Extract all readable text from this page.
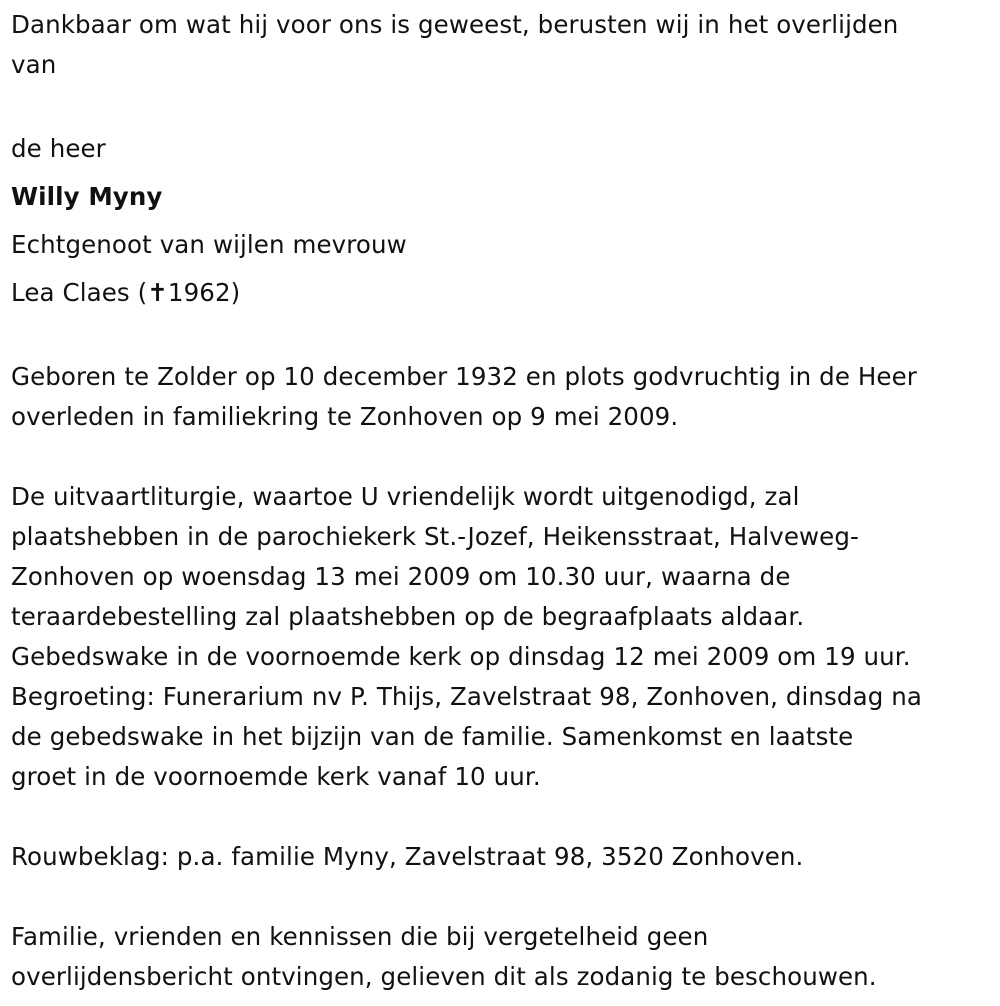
Dankbaar om wat hij voor ons is geweest, berusten wij in het overlijden
van

de heer

Willy Myny

Echtgenoot van wijlen mevrouw

Lea Claes (✝1962)

Geboren te Zolder op 10 december 1932 en plots godvruchtig in de Heer
overleden in familiekring te Zonhoven op 9 mei 2009.

De uitvaartliturgie, waartoe U vriendelijk wordt uitgenodigd, zal
plaatshebben in de parochiekerk St.-Jozef, Heikensstraat, Halveweg-
Zonhoven op woensdag 13 mei 2009 om 10.30 uur, waarna de
teraardebestelling zal plaatshebben op de begraafplaats aldaar.
Gebedswake in de voornoemde kerk op dinsdag 12 mei 2009 om 19 uur.
Begroeting: Funerarium nv P. Thijs, Zavelstraat 98, Zonhoven, dinsdag na
de gebedswake in het bijzijn van de familie. Samenkomst en laatste
groet in de voornoemde kerk vanaf 10 uur.

Rouwbeklag: p.a. familie Myny, Zavelstraat 98, 3520 Zonhoven.

Familie, vrienden en kennissen die bij vergetelheid geen
overlijdensbericht ontvingen, gelieven dit als zodanig te beschouwen.
